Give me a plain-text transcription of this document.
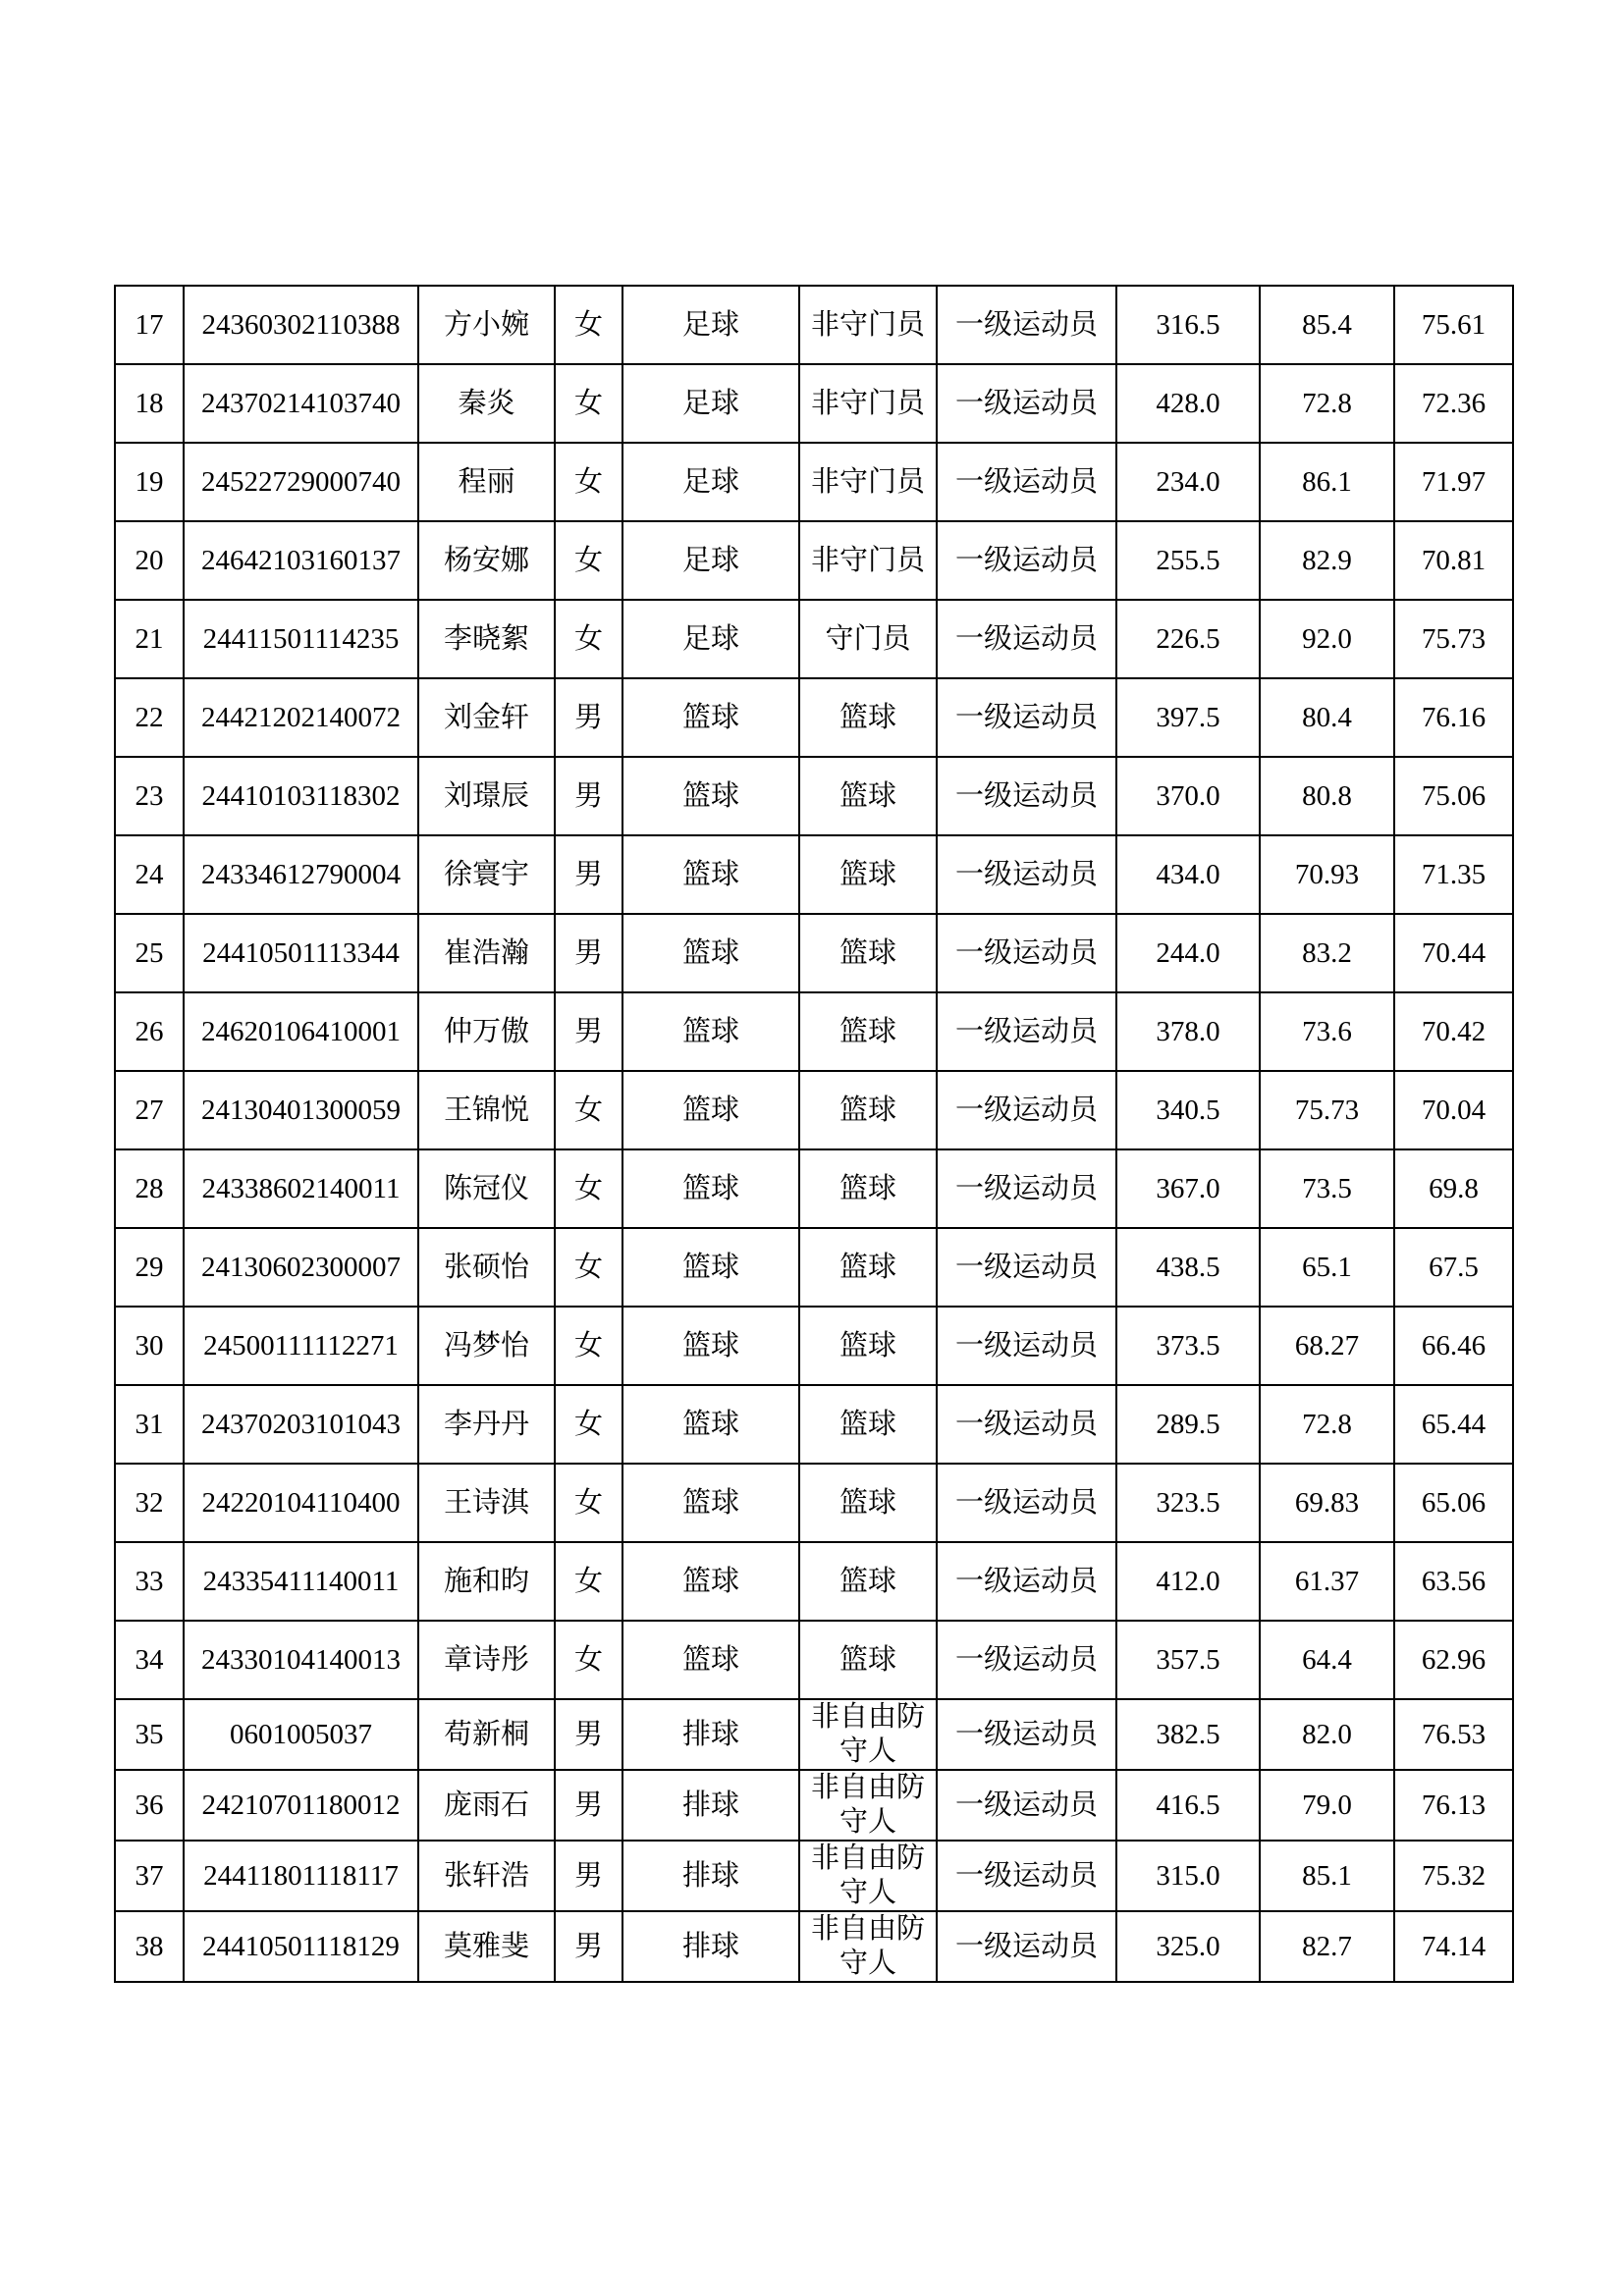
17	24360302110388	方小婉	女	足球	非守门员	一级运动员	316.5	85.4	75.61
18	24370214103740	秦炎	女	足球	非守门员	一级运动员	428.0	72.8	72.36
19	24522729000740	程丽	女	足球	非守门员	一级运动员	234.0	86.1	71.97
20	24642103160137	杨安娜	女	足球	非守门员	一级运动员	255.5	82.9	70.81
21	24411501114235	李晓絮	女	足球	守门员	一级运动员	226.5	92.0	75.73
22	24421202140072	刘金轩	男	篮球	篮球	一级运动员	397.5	80.4	76.16
23	24410103118302	刘璟辰	男	篮球	篮球	一级运动员	370.0	80.8	75.06
24	24334612790004	徐寰宇	男	篮球	篮球	一级运动员	434.0	70.93	71.35
25	24410501113344	崔浩瀚	男	篮球	篮球	一级运动员	244.0	83.2	70.44
26	24620106410001	仲万傲	男	篮球	篮球	一级运动员	378.0	73.6	70.42
27	24130401300059	王锦悦	女	篮球	篮球	一级运动员	340.5	75.73	70.04
28	24338602140011	陈冠仪	女	篮球	篮球	一级运动员	367.0	73.5	69.8
29	24130602300007	张硕怡	女	篮球	篮球	一级运动员	438.5	65.1	67.5
30	24500111112271	冯梦怡	女	篮球	篮球	一级运动员	373.5	68.27	66.46
31	24370203101043	李丹丹	女	篮球	篮球	一级运动员	289.5	72.8	65.44
32	24220104110400	王诗淇	女	篮球	篮球	一级运动员	323.5	69.83	65.06
33	24335411140011	施和昀	女	篮球	篮球	一级运动员	412.0	61.37	63.56
34	24330104140013	章诗彤	女	篮球	篮球	一级运动员	357.5	64.4	62.96
35	0601005037	苟新桐	男	排球	非自由防守人	一级运动员	382.5	82.0	76.53
36	24210701180012	庞雨石	男	排球	非自由防守人	一级运动员	416.5	79.0	76.13
37	24411801118117	张轩浩	男	排球	非自由防守人	一级运动员	315.0	85.1	75.32
38	24410501118129	莫雅斐	男	排球	非自由防守人	一级运动员	325.0	82.7	74.14
